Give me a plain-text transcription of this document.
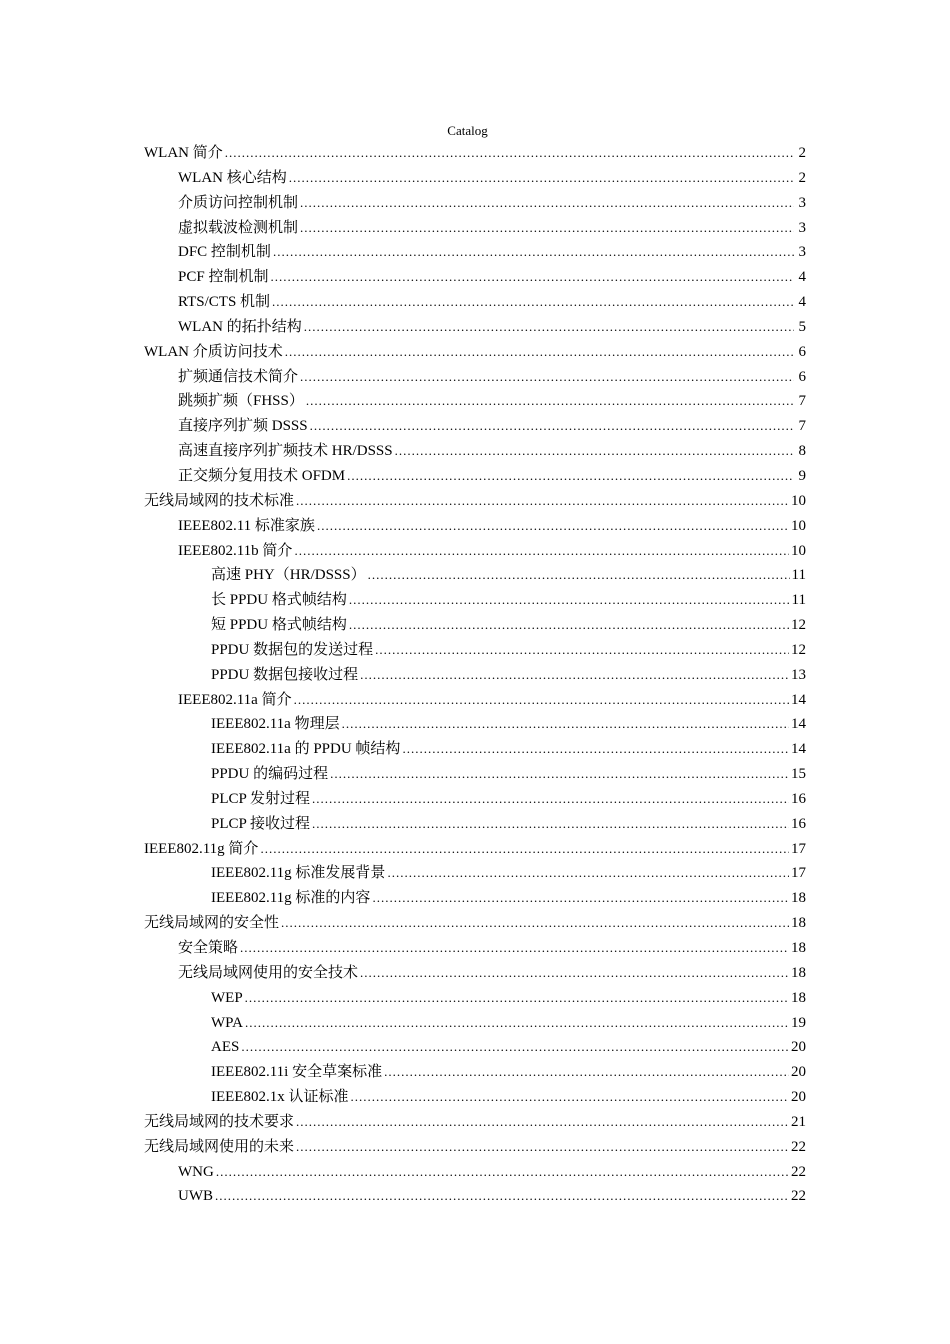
Catalog
WLAN 简介 .....	2
WLAN 核心结构 .....	2
介质访问控制机制 .....	3
虚拟载波检测机制 .....	3
DFC 控制机制 .....	3
PCF 控制机制 .....	4
RTS/CTS 机制 .....	4
WLAN 的拓扑结构 .....	5
WLAN 介质访问技术 .....	6
扩频通信技术简介 .....	6
跳频扩频（FHSS） .....	7
直接序列扩频 DSSS .....	7
高速直接序列扩频技术 HR/DSSS .....	8
正交频分复用技术 OFDM .....	9
无线局域网的技术标准 .....	10
IEEE802.11 标准家族 .....	10
IEEE802.11b 简介 .....	10
高速 PHY（HR/DSSS） .....	11
长 PPDU 格式帧结构 .....	11
短 PPDU 格式帧结构 .....	12
PPDU 数据包的发送过程 .....	12
PPDU 数据包接收过程 .....	13
IEEE802.11a 简介 .....	14
IEEE802.11a 物理层 .....	14
IEEE802.11a 的 PPDU 帧结构 .....	14
PPDU 的编码过程 .....	15
PLCP 发射过程 .....	16
PLCP 接收过程 .....	16
IEEE802.11g 简介 .....	17
IEEE802.11g 标准发展背景 .....	17
IEEE802.11g 标准的内容 .....	18
无线局域网的安全性 .....	18
安全策略 .....	18
无线局域网使用的安全技术 .....	18
WEP .....	18
WPA .....	19
AES .....	20
IEEE802.11i 安全草案标准 .....	20
IEEE802.1x 认证标准 .....	20
无线局域网的技术要求 .....	21
无线局域网使用的未来 .....	22
WNG .....	22
UWB .....	22
